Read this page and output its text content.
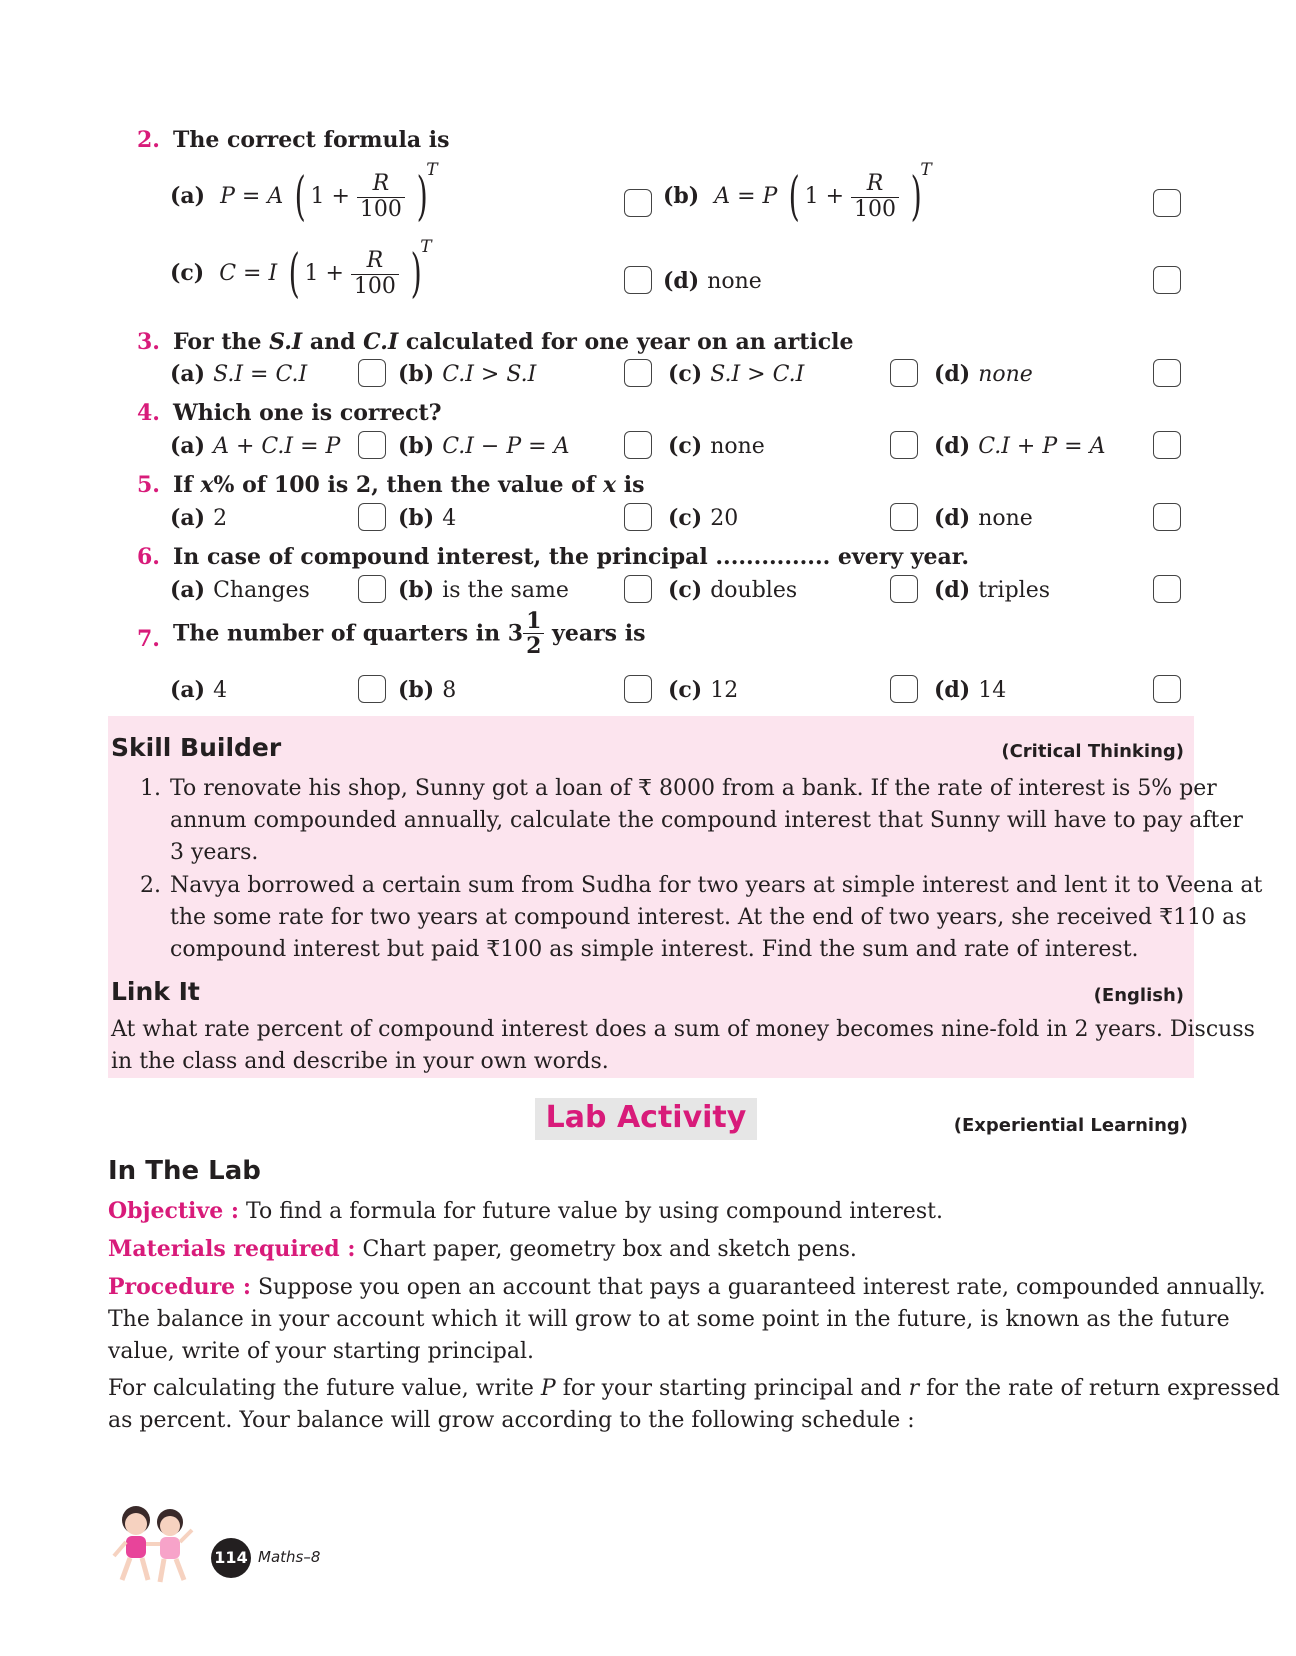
2. The correct formula is
(a) P = A ( $1 + \frac{R}{100} )^T$
(b) A = P ( $1 + \frac{R}{100} )^T$
(c) C = I ( $1 + \frac{R}{100} )^T$
(d) none
3. For the S.I and C.I calculated for one year on an article
4. Which one is correct?
5. If x% of 100 is 2, then the value of x is
6. In case of compound interest, the principal ............... every year.
7. The number of quarters in $3 \frac{1}{2}$ years is
(a) S.I = C.I	(b) C.I > S.I	(c) S.I > C.I	(d) none
(a) A + C.I = P	(b) C.I − P = A	(c) none	(d) C.I + P = A
(a) 2	(b) 4	(c) 20	(d) none
(a) Changes	(b) is the same	(c) doubles	(d) triples
(a) 4	(b) 8	(c) 12	(d) 14
Skill Builder	(Critical Thinking)
1. To renovate his shop, Sunny got a loan of ₹ 8000 from a bank. If the rate of interest is 5% per
annum compounded annually, calculate the compound interest that Sunny will have to pay after
3 years.
2. Navya borrowed a certain sum from Sudha for two years at simple interest and lent it to Veena at
the some rate for two years at compound interest. At the end of two years, she received ₹110 as
compound interest but paid ₹100 as simple interest. Find the sum and rate of interest.
Link It	(English)
At what rate percent of compound interest does a sum of money becomes nine-fold in 2 years. Discuss
in the class and describe in your own words.
Lab Activity	(Experiential Learning)
In The Lab
Objective : To find a formula for future value by using compound interest.
Materials required : Chart paper, geometry box and sketch pens.
Procedure : Suppose you open an account that pays a guaranteed interest rate, compounded annually.
The balance in your account which it will grow to at some point in the future, is known as the future
value, write of your starting principal.
For calculating the future value, write P for your starting principal and r for the rate of return expressed
as percent. Your balance will grow according to the following schedule :
114 Maths–8
